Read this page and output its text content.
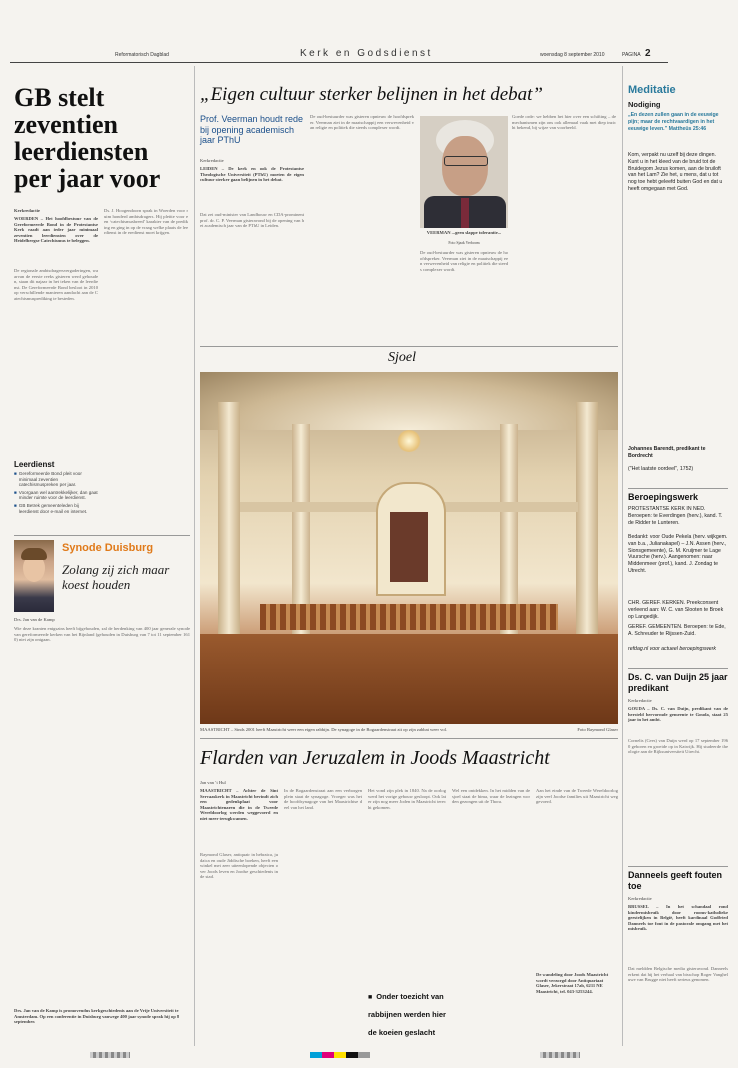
Reformatorisch Dagblad	Kerk en Godsdienst	woensdag 8 september 2010	PAGINA 2
GB stelt zeventien leerdiensten per jaar voor
Kerkredactie
WOERDEN – Het hoofdbestuur van de Gereformeerde Bond in de Protestantse Kerk raadt aan ieder jaar minimaal zeventien leerdiensten over de Heidelbergse Catechismus te beleggen.
De regionale ambtsdragersvergaderingen, waarvan de eerste reeks gisteren werd gehouden, staan dit najaar in het teken van de leerdienst. De Gereformeerde Bond besloot in 2010 op verschillende manieren aandacht aan de Catechismusprediking te besteden.
Ds. J. Hoogendoorn sprak in Woerden voor ruim honderd ambtsdragers. Hij pleitte voor een ‘catechismusbreed’ karakter van de prediking en ging in op de vraag welke plaats de leerdienst in de eredienst moet krijgen.
Leerdienst
■ Gereformeerde Bond pleit voor minimaal zeventien catechismuspreken per jaar.
■ Voorgaan wel aantrekkelijker, dan gaat minder ruimte voor de leerdienst.
■ GB Betrek gemeenteleden bij leerdienst door e-mail en internet.
Synode Duisburg
Zolang zij zich maar koest houden
Drs. Jan van de Kamp
Wie deze kranten enigszins heeft bijgehouden, zal de herdenking van 400 jaar generale synode van gereformeerde kerken van het Rijnland (gehouden in Duisburg van 7 tot 11 september 1610) niet zijn ontgaan.
Drs. Jan van de Kamp is promovendus kerkgeschiedenis aan de Vrije Universiteit te Amsterdam. Op een conferentie in Duisburg vanwege 400 jaar synode sprak hij op 8 september.
„Eigen cultuur sterker belijnen in het debat”
Prof. Veerman houdt rede bij opening academisch jaar PThU
Kerkredactie
LEIDEN – De kerk en ook de Protestantse Theologische Universiteit (PThU) moeten de eigen cultuur sterker gaan belijnen in het debat.
Dat zei oud-minister van Landbouw en CDA-prominent prof. dr. C. P. Veerman gisteravond bij de opening van het academisch jaar van de PThU in Leiden.
De oud-bestuurder was gisteren opnieuw de hoofdspreker. Veerman ziet in de maatschappij een verwevenheid van religie en politiek die steeds complexer wordt.
Goede orde: we hebben het hier over een schifting – de mechanismen zijn ons ook allemaal vaak met diep inzicht bekend, bij wijze van voorbeeld.
VEERMAN ...geen slappe tolerantie...
Foto Sjaak Verboom
De oud-bestuurder was gisteren opnieuw de hoofdspreker. Veerman ziet in de maatschappij een verwevenheid van religie en politiek die steeds complexer wordt.
Sjoel
MAASTRICHT – Sinds 2001 heeft Maastricht weer een eigen rabbijn. De synagoge in de Bogaardenstraat zit op zijn zabbat weer vol.	Foto Raymond Glaser
Flarden van Jeruzalem in Joods Maastricht
Jan van ’t Hul
MAASTRICHT – Achter de Sint Servaaskerk in Maastricht bevindt zich een gedenkplaat voor Maastrichtenaren die in de Tweede Wereldoorlog werden weggevoerd en niet meer terugkwamen.
Raymond Glaser, antiquair in hebraica, judaica en oude Jiddische boeken, heeft een winkel met zeer uiteenlopende objecten over Joods leven en Joodse geschiedenis in de stad.
In de Bogaardenstraat aan een verborgen plein staat de synagoge. Vroeger was het de hoofdsynagoge van het Maastrichtse deel van het land.
Het vond zijn plek in 1840. Na de oorlog werd het vorige gebouw gesloopt. Ook later zijn nog meer Joden in Maastricht terecht gekomen.
■ Onder toezicht van rabbijnen werden hier de koeien geslacht
Wel een ontdekken. In het midden van de sjoel staat de bima, waar de lezingen worden gezongen uit de Thora.
Aan het einde van de Tweede Wereldoorlog zijn veel Joodse families uit Maastricht weggevoerd.
De wandeling door Joods Maastricht wordt verzorgd door Antiquariaat Glaser, Jekerstraat 17ab, 6211 NE Maastricht, tel. 043-3253244.
Meditatie
Nodiging
„En dezen zullen gaan in de eeuwige pijn; maar de rechtvaardigen in het eeuwige leven.” Mattheüs 25:46
Kom, verpakt nu uzelf bij deze dingen. Kunt u in het kleed van de bruid tot de Bruidegom Jezus komen, aan de bruiloft van het Lam? Zie het, u mens, dat u tot nog toe hebt geleefd buiten God en dat u heeft omgegaan met God.
Johannes Barendt, predikant te Bordrecht
("Het laatste oordeel", 1752)
Beroepingswerk
PROTESTANTSE KERK IN NED. Beroepen: te Everdingen (herv.), kand. T. de Ridder te Lunteren.
Bedankt: voor Oude Pekela (herv. wijkgem. van b.a., Julianakapel) – J.N. Assen (herv., Sionsgemeente), G. M. Kruijmer te Lage Vuursche (herv.). Aangenomen: naar Middenmeer (prof.), kand. J. Zondag te Utrecht.
CHR. GEREF. KERKEN. Preekconsent verleend aan: W. C. van Slooten te Broek op Langedijk.
GEREF. GEMEENTEN. Beroepen: te Ede, A. Schreuder te Rijssen-Zuid.
refdag.nl voor actueel beroepingswerk
Ds. C. van Duijn 25 jaar predikant
Kerkredactie
GOUDA – Ds. C. van Duijn, predikant van de hersteld hervormde gemeente te Gouda, staat 25 jaar in het ambt.
Cornelis (Cees) van Duijn werd op 17 september 1960 geboren en groeide op in Katwijk. Hij studeerde theologie aan de Rijksuniversiteit Utrecht.
Danneels geeft fouten toe
Kerkredactie
BRUSSEL – In het schandaal rond kindermisbruik door rooms-katholieke geestelijken in België, heeft kardinaal Godfried Danneels toe fout in de pastorale omgang met het misbruik.
Dat meldden Belgische media gisteravond. Danneels erkent dat hij het verhaal van bisschop Roger Vangheluwe van Brugge niet heeft serieus genomen.
